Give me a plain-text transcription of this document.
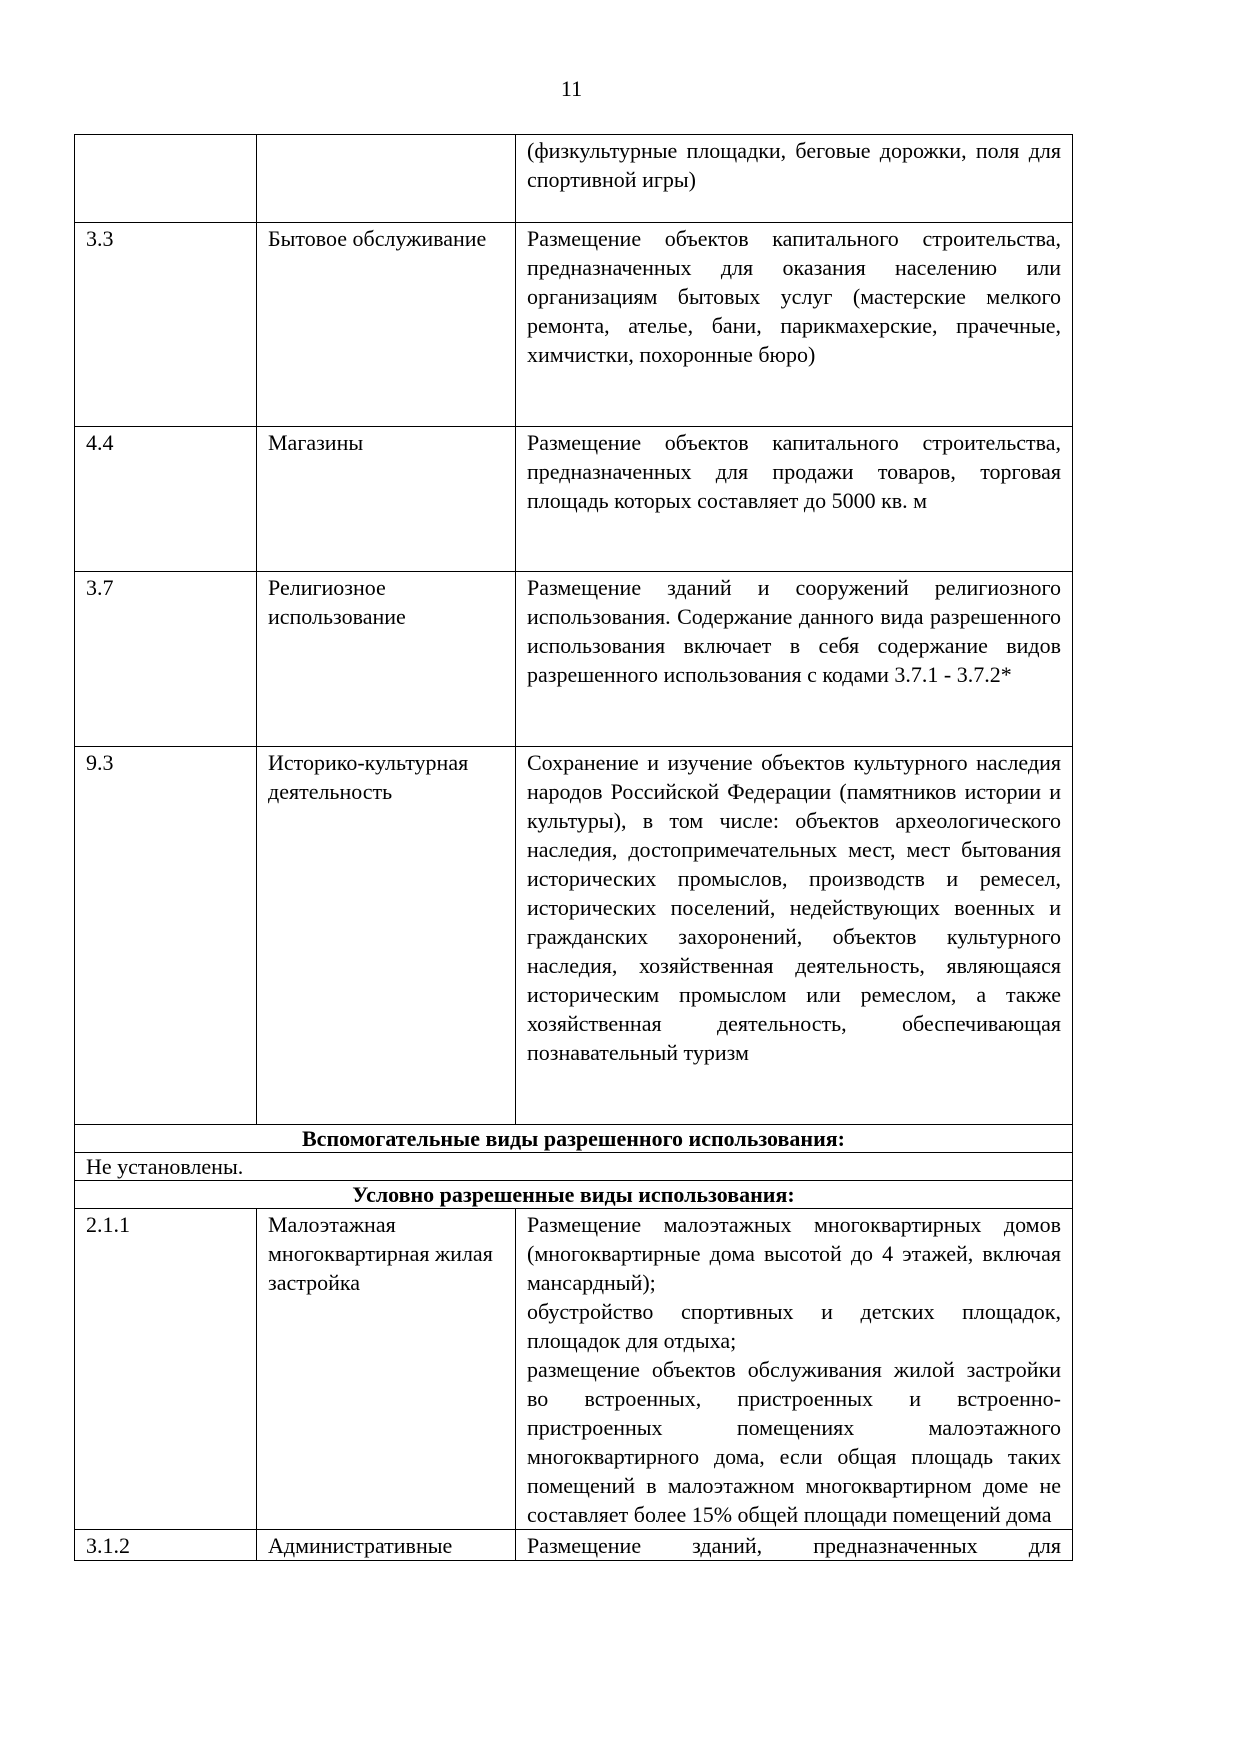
11
		(физкультурные площадки, беговые дорожки, поля для спортивной игры)
3.3	Бытовое обслуживание	Размещение объектов капитального строительства, предназначенных для оказания населению или организациям бытовых услуг (мастерские мелкого ремонта, ателье, бани, парикмахерские, прачечные, химчистки, похоронные бюро)
4.4	Магазины	Размещение объектов капитального строительства, предназначенных для продажи товаров, торговая площадь которых составляет до 5000 кв. м
3.7	Религиозное использование	Размещение зданий и сооружений религиозного использования. Содержание данного вида разрешенного использования включает в себя содержание видов разрешенного использования с кодами 3.7.1 - 3.7.2*
9.3	Историко-культурная деятельность	Сохранение и изучение объектов культурного наследия народов Российской Федерации (памятников истории и культуры), в том числе: объектов археологического наследия, достопримечательных мест, мест бытования исторических промыслов, производств и ремесел, исторических поселений, недействующих военных и гражданских захоронений, объектов культурного наследия, хозяйственная деятельность, являющаяся историческим промыслом или ремеслом, а также хозяйственная деятельность, обеспечивающая познавательный туризм
Вспомогательные виды разрешенного использования:		
Не установлены.		
Условно разрешенные виды использования:		
2.1.1	Малоэтажная многоквартирная жилая застройка	Размещение малоэтажных многоквартирных домов (многоквартирные дома высотой до 4 этажей, включая мансардный);
обустройство спортивных и детских площадок, площадок для отдыха;
размещение объектов обслуживания жилой застройки во встроенных, пристроенных и встроенно-пристроенных помещениях малоэтажного многоквартирного дома, если общая площадь таких помещений в малоэтажном многоквартирном доме не составляет более 15% общей площади помещений дома

3.1.2	Административные	Размещение зданий, предназначенных для
